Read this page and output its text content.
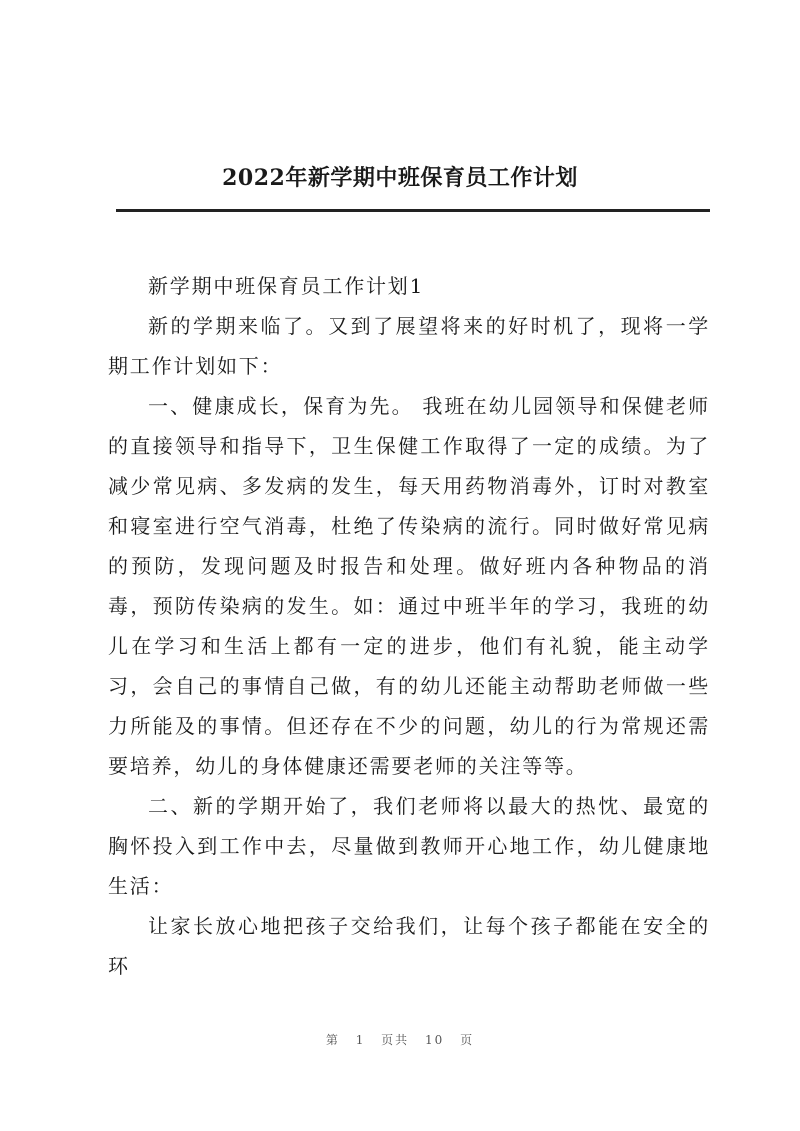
2022年新学期中班保育员工作计划

新学期中班保育员工作计划1

新的学期来临了。又到了展望将来的好时机了，现将一学期工作计划如下：

一、健康成长，保育为先。 我班在幼儿园领导和保健老师的直接领导和指导下，卫生保健工作取得了一定的成绩。为了减少常见病、多发病的发生，每天用药物消毒外，订时对教室和寝室进行空气消毒，杜绝了传染病的流行。同时做好常见病的预防，发现问题及时报告和处理。做好班内各种物品的消毒，预防传染病的发生。如：通过中班半年的学习，我班的幼儿在学习和生活上都有一定的进步，他们有礼貌，能主动学习，会自己的事情自己做，有的幼儿还能主动帮助老师做一些力所能及的事情。但还存在不少的问题，幼儿的行为常规还需要培养，幼儿的身体健康还需要老师的关注等等。

二、新的学期开始了，我们老师将以最大的热忱、最宽的胸怀投入到工作中去，尽量做到教师开心地工作，幼儿健康地生活：

让家长放心地把孩子交给我们，让每个孩子都能在安全的环

第 1 页共 10 页
